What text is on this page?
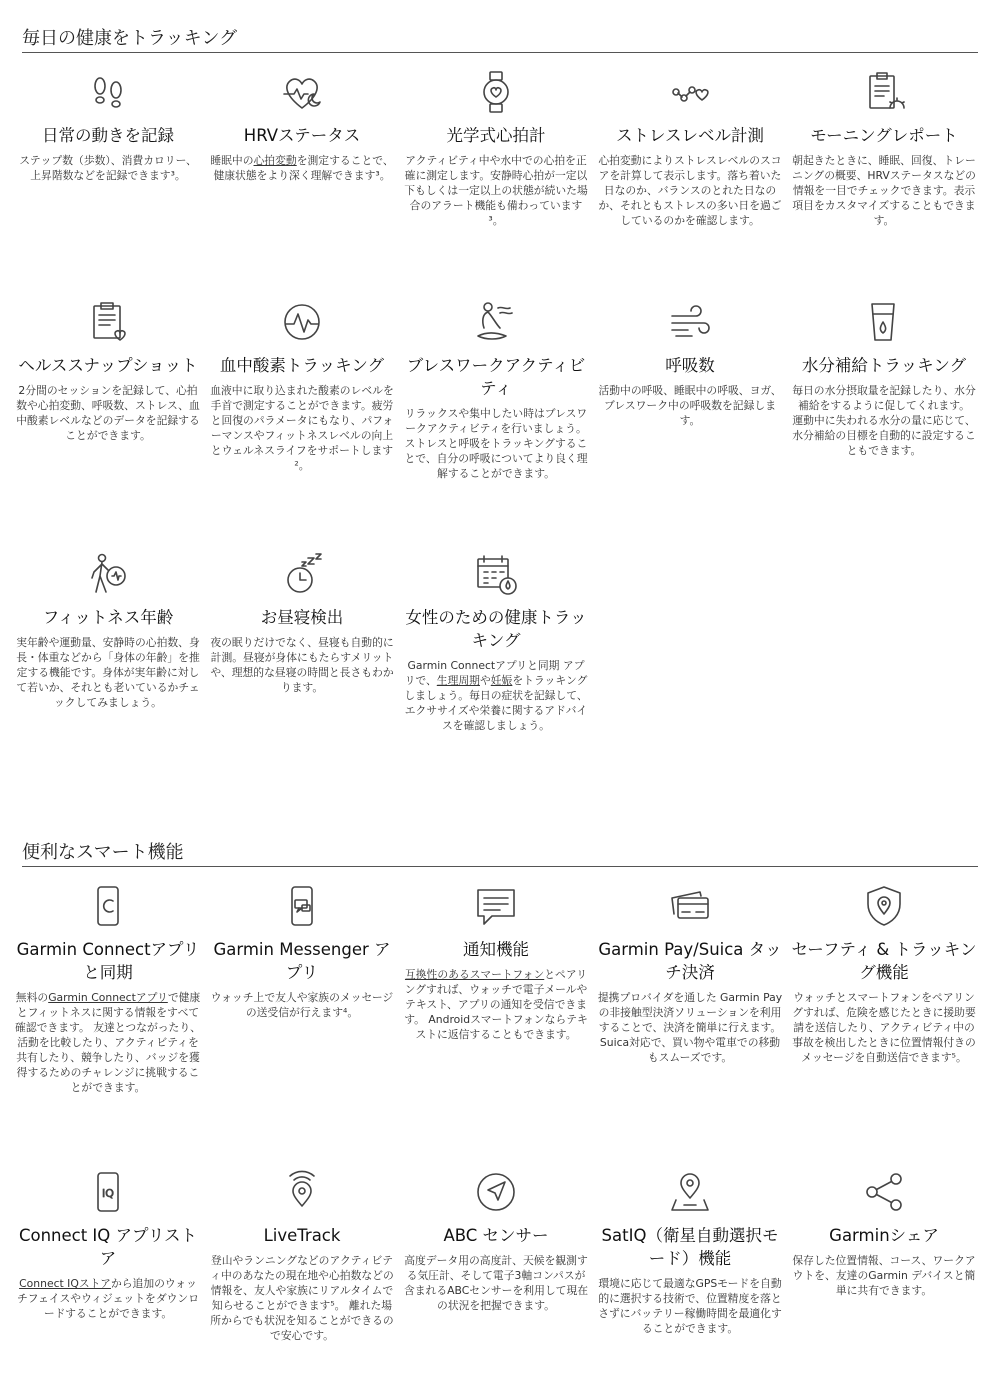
毎日の健康をトラッキング
日常の動きを記録
ステップ数（歩数）、消費カロリー、上昇階数などを記録できます³。
HRVステータス
睡眠中の心拍変動を測定することで、健康状態をより深く理解できます³。
光学式心拍計
アクティビティ中や水中での心拍を正確に測定します。安静時心拍が一定以下もしくは一定以上の状態が続いた場合のアラート機能も備わっています³。
ストレスレベル計測
心拍変動によりストレスレベルのスコアを計算して表示します。落ち着いた日なのか、バランスのとれた日なのか、それともストレスの多い日を過ごしているのかを確認します。
モーニングレポート
朝起きたときに、睡眠、回復、トレーニングの概要、HRVステータスなどの情報を一目でチェックできます。表示項目をカスタマイズすることもできます。
ヘルススナップショット
2分間のセッションを記録して、心拍数や心拍変動、呼吸数、ストレス、血中酸素レベルなどのデータを記録することができます。
血中酸素トラッキング
血液中に取り込まれた酸素のレベルを手首で測定することができます。疲労と回復のパラメータにもなり、パフォーマンスやフィットネスレベルの向上とウェルネスライフをサポートします²。
ブレスワークアクティビティ
リラックスや集中したい時はブレスワークアクティビティを行いましょう。ストレスと呼吸をトラッキングすることで、自分の呼吸についてより良く理解することができます。
呼吸数
活動中の呼吸、睡眠中の呼吸、ヨガ、ブレスワーク中の呼吸数を記録します。
水分補給トラッキング
毎日の水分摂取量を記録したり、水分補給をするように促してくれます。 運動中に失われる水分の量に応じて、水分補給の目標を自動的に設定することもできます。
フィットネス年齢
実年齢や運動量、安静時の心拍数、身長・体重などから「身体の年齢」を推定する機能です。身体が実年齢に対して若いか、それとも老いているかチェックしてみましょう。
お昼寝検出
夜の眠りだけでなく、昼寝も自動的に計測。昼寝が身体にもたらすメリットや、理想的な昼寝の時間と長さもわかります。
女性のための健康トラッキング
Garmin Connectアプリと同期 アプリで、生理周期や妊娠をトラッキングしましょう。毎日の症状を記録して、エクササイズや栄養に関するアドバイスを確認しましょう。
便利なスマート機能
Garmin Connectアプリと同期
無料のGarmin Connectアプリで健康とフィットネスに関する情報をすべて確認できます。 友達とつながったり、活動を比較したり、アクティビティを共有したり、競争したり、バッジを獲得するためのチャレンジに挑戦することができます。
Garmin Messenger アプリ
ウォッチ上で友人や家族のメッセージの送受信が行えます⁴。
通知機能
互換性のあるスマートフォンとペアリングすれば、ウォッチで電子メールやテキスト、アプリの通知を受信できます。 Androidスマートフォンならテキストに返信することもできます。
Garmin Pay/Suica タッチ決済
提携プロバイダを通した Garmin Pay の非接触型決済ソリューションを利用することで、決済を簡単に行えます。Suica対応で、買い物や電車での移動もスムーズです。
セーフティ & トラッキング機能
ウォッチとスマートフォンをペアリングすれば、危険を感じたときに援助要請を送信したり、アクティビティ中の事故を検出したときに位置情報付きのメッセージを自動送信できます⁵。
IQ
Connect IQ アプリストア
Connect IQストアから追加のウォッチフェイスやウィジェットをダウンロードすることができます。
LiveTrack
登山やランニングなどのアクティビティ中のあなたの現在地や心拍数などの情報を、友人や家族にリアルタイムで知らせることができます⁵。 離れた場所からでも状況を知ることができるので安心です。
ABC センサー
高度データ用の高度計、天候を観測する気圧計、そして電子3軸コンパスが含まれるABCセンサーを利用して現在の状況を把握できます。
SatIQ（衛星自動選択モード）機能
環境に応じて最適なGPSモードを自動的に選択する技術で、位置精度を落とさずにバッテリー稼働時間を最適化することができます。
Garminシェア
保存した位置情報、コース、ワークアウトを、友達のGarmin デバイスと簡単に共有できます。
